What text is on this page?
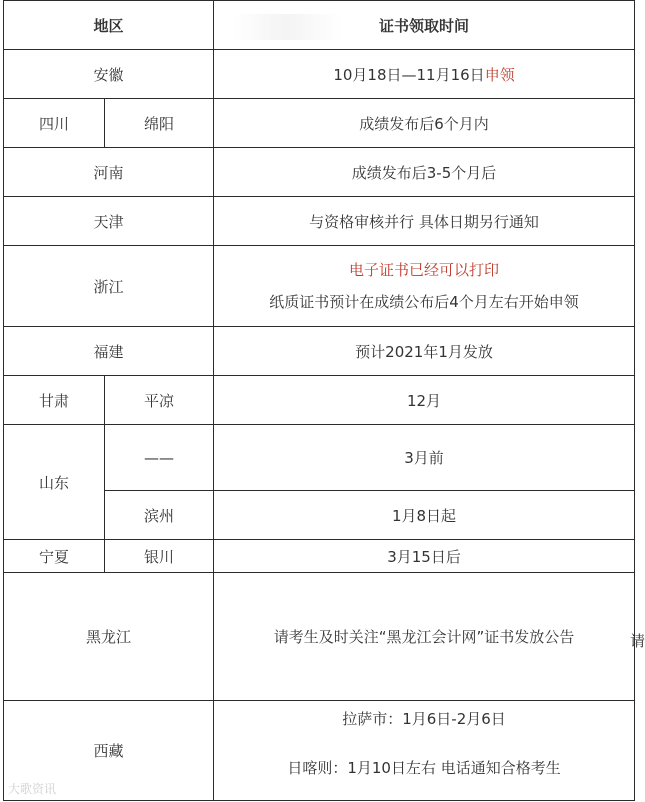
地区		证书领取时间
安徽		10月18日—11月16日申领
四川	绵阳	成绩发布后6个月内
河南		成绩发布后3-5个月后
天津		与资格审核并行 具体日期另行通知
浙江		电子证书已经可以打印
纸质证书预计在成绩公布后4个月左右开始申领

福建		预计2021年1月发放
甘肃	平凉	12月
山东	——	3月前
	滨州	1月8日起
宁夏	银川	3月15日后
黑龙江		请考生及时关注“黑龙江会计网”证书发放公告
西藏		拉萨市：1月6日-2月6日
日喀则：1月10日左右 电话通知合格考生
请
大歌资讯
